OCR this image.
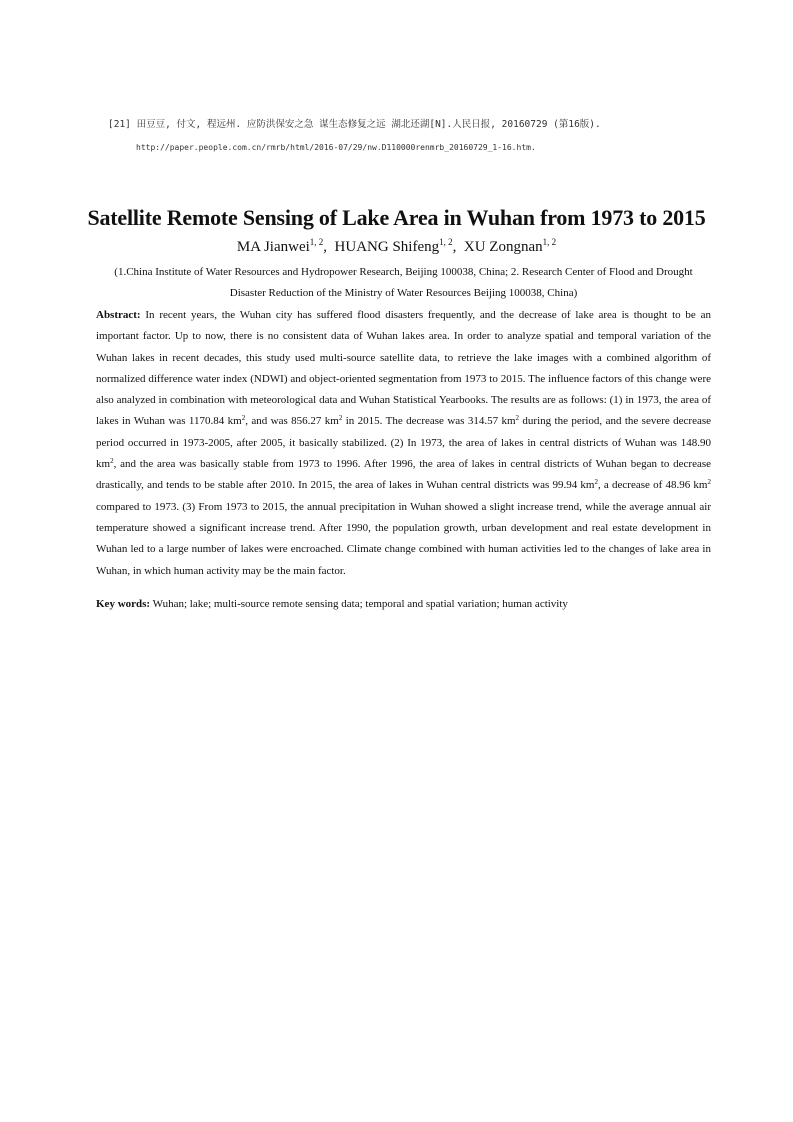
[21] 田豆豆, 付文, 程远州. 应防洪保安之急 谋生态修复之远 湖北还湖[N].人民日报, 20160729 (第16版).
http://paper.people.com.cn/rmrb/html/2016-07/29/nw.D110000renmrb_20160729_1-16.htm.
Satellite Remote Sensing of Lake Area in Wuhan from 1973 to 2015
MA Jianwei$^{1, 2}$, HUANG Shifeng$^{1, 2}$, XU Zongnan$^{1, 2}$
(1.China Institute of Water Resources and Hydropower Research, Beijing 100038, China; 2. Research Center of Flood and Drought Disaster Reduction of the Ministry of Water Resources Beijing 100038, China)
Abstract: In recent years, the Wuhan city has suffered flood disasters frequently, and the decrease of lake area is thought to be an important factor. Up to now, there is no consistent data of Wuhan lakes area. In order to analyze spatial and temporal variation of the Wuhan lakes in recent decades, this study used multi-source satellite data, to retrieve the lake images with a combined algorithm of normalized difference water index (NDWI) and object-oriented segmentation from 1973 to 2015. The influence factors of this change were also analyzed in combination with meteorological data and Wuhan Statistical Yearbooks. The results are as follows: (1) in 1973, the area of lakes in Wuhan was 1170.84 $km^2$, and was 856.27 $km^2$ in 2015. The decrease was 314.57 $km^2$ during the period, and the severe decrease period occurred in 1973-2005, after 2005, it basically stabilized. (2) In 1973, the area of lakes in central districts of Wuhan was 148.90 $km^2$, and the area was basically stable from 1973 to 1996. After 1996, the area of lakes in central districts of Wuhan began to decrease drastically, and tends to be stable after 2010. In 2015, the area of lakes in Wuhan central districts was 99.94 $km^2$, a decrease of 48.96 $km^2$ compared to 1973. (3) From 1973 to 2015, the annual precipitation in Wuhan showed a slight increase trend, while the average annual air temperature showed a significant increase trend. After 1990, the population growth, urban development and real estate development in Wuhan led to a large number of lakes were encroached. Climate change combined with human activities led to the changes of lake area in Wuhan, in which human activity may be the main factor.
Key words: Wuhan; lake; multi-source remote sensing data; temporal and spatial variation; human activity
